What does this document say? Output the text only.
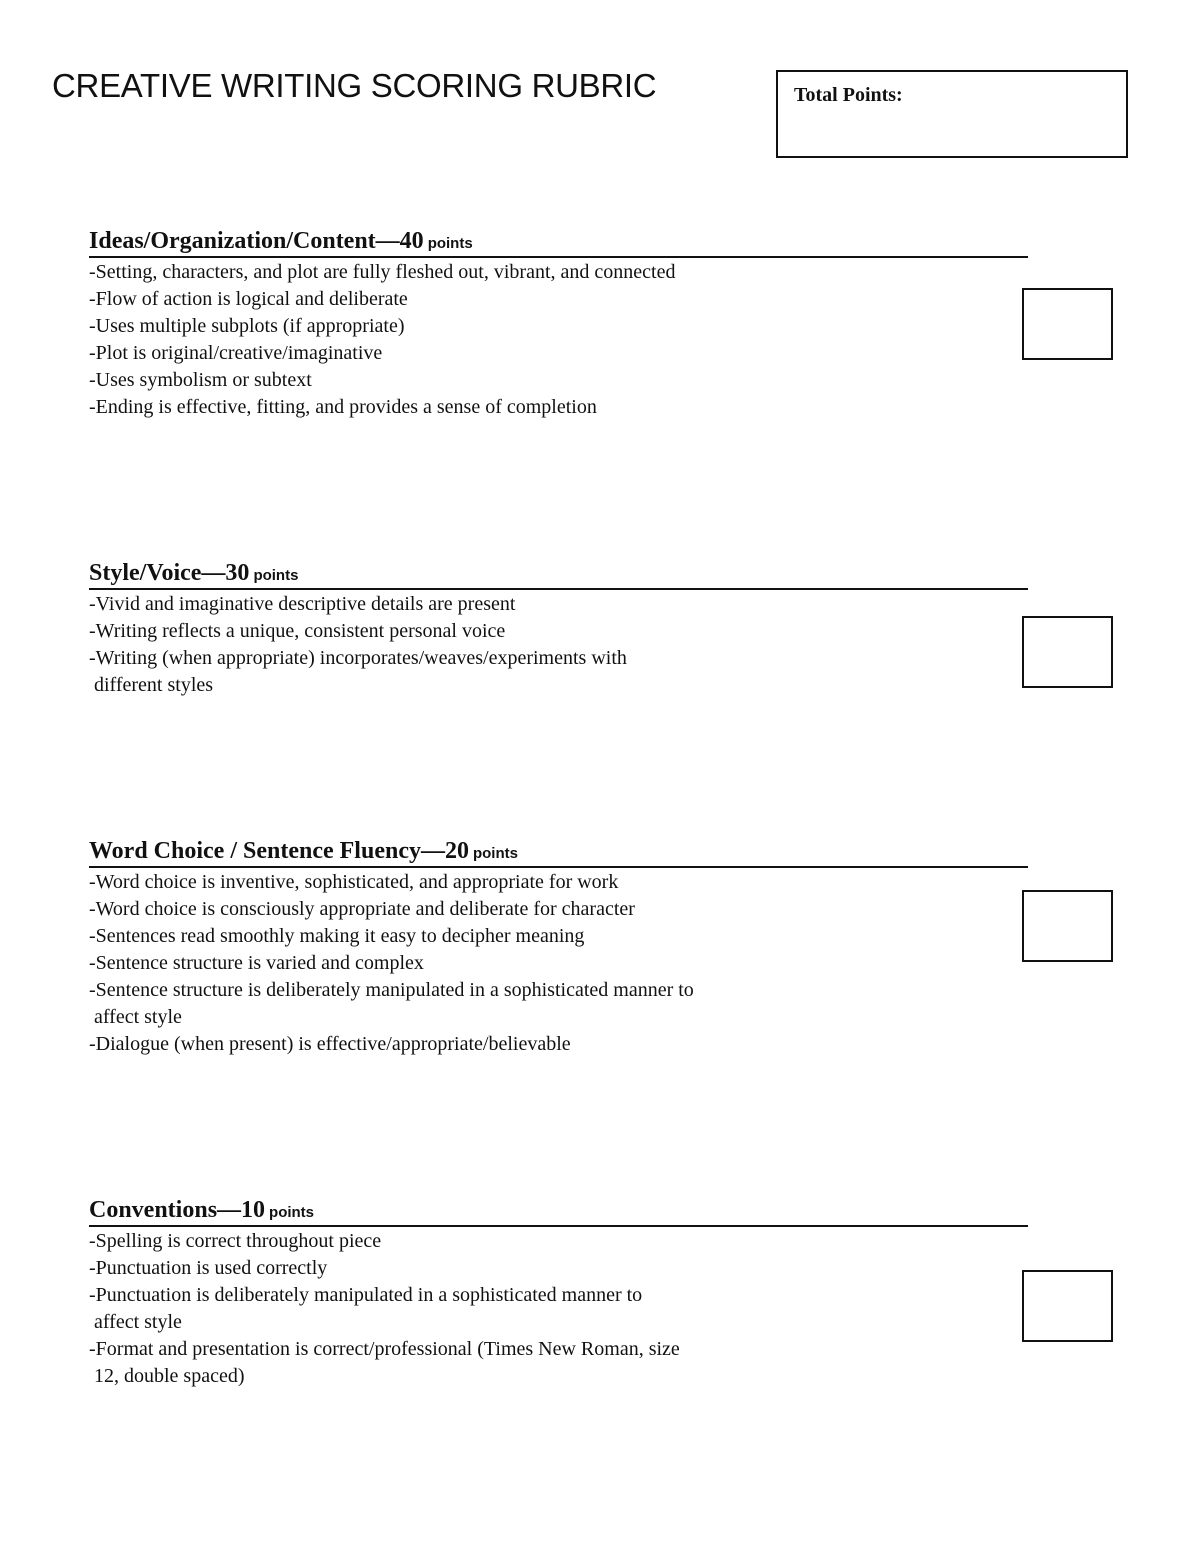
CREATIVE WRITING SCORING RUBRIC	Total Points:
Ideas/Organization/Content—40 points
-Setting, characters, and plot are fully fleshed out, vibrant, and connected
-Flow of action is logical and deliberate
-Uses multiple subplots (if appropriate)
-Plot is original/creative/imaginative
-Uses symbolism or subtext
-Ending is effective, fitting, and provides a sense of completion
Style/Voice—30 points
-Vivid and imaginative descriptive details are present
-Writing reflects a unique, consistent personal voice
-Writing (when appropriate) incorporates/weaves/experiments with
different styles
Word Choice / Sentence Fluency—20 points
-Word choice is inventive, sophisticated, and appropriate for work
-Word choice is consciously appropriate and deliberate for character
-Sentences read smoothly making it easy to decipher meaning
-Sentence structure is varied and complex
-Sentence structure is deliberately manipulated in a sophisticated manner to
affect style
-Dialogue (when present) is effective/appropriate/believable
Conventions—10 points
-Spelling is correct throughout piece
-Punctuation is used correctly
-Punctuation is deliberately manipulated in a sophisticated manner to
affect style
-Format and presentation is correct/professional (Times New Roman, size
12, double spaced)
